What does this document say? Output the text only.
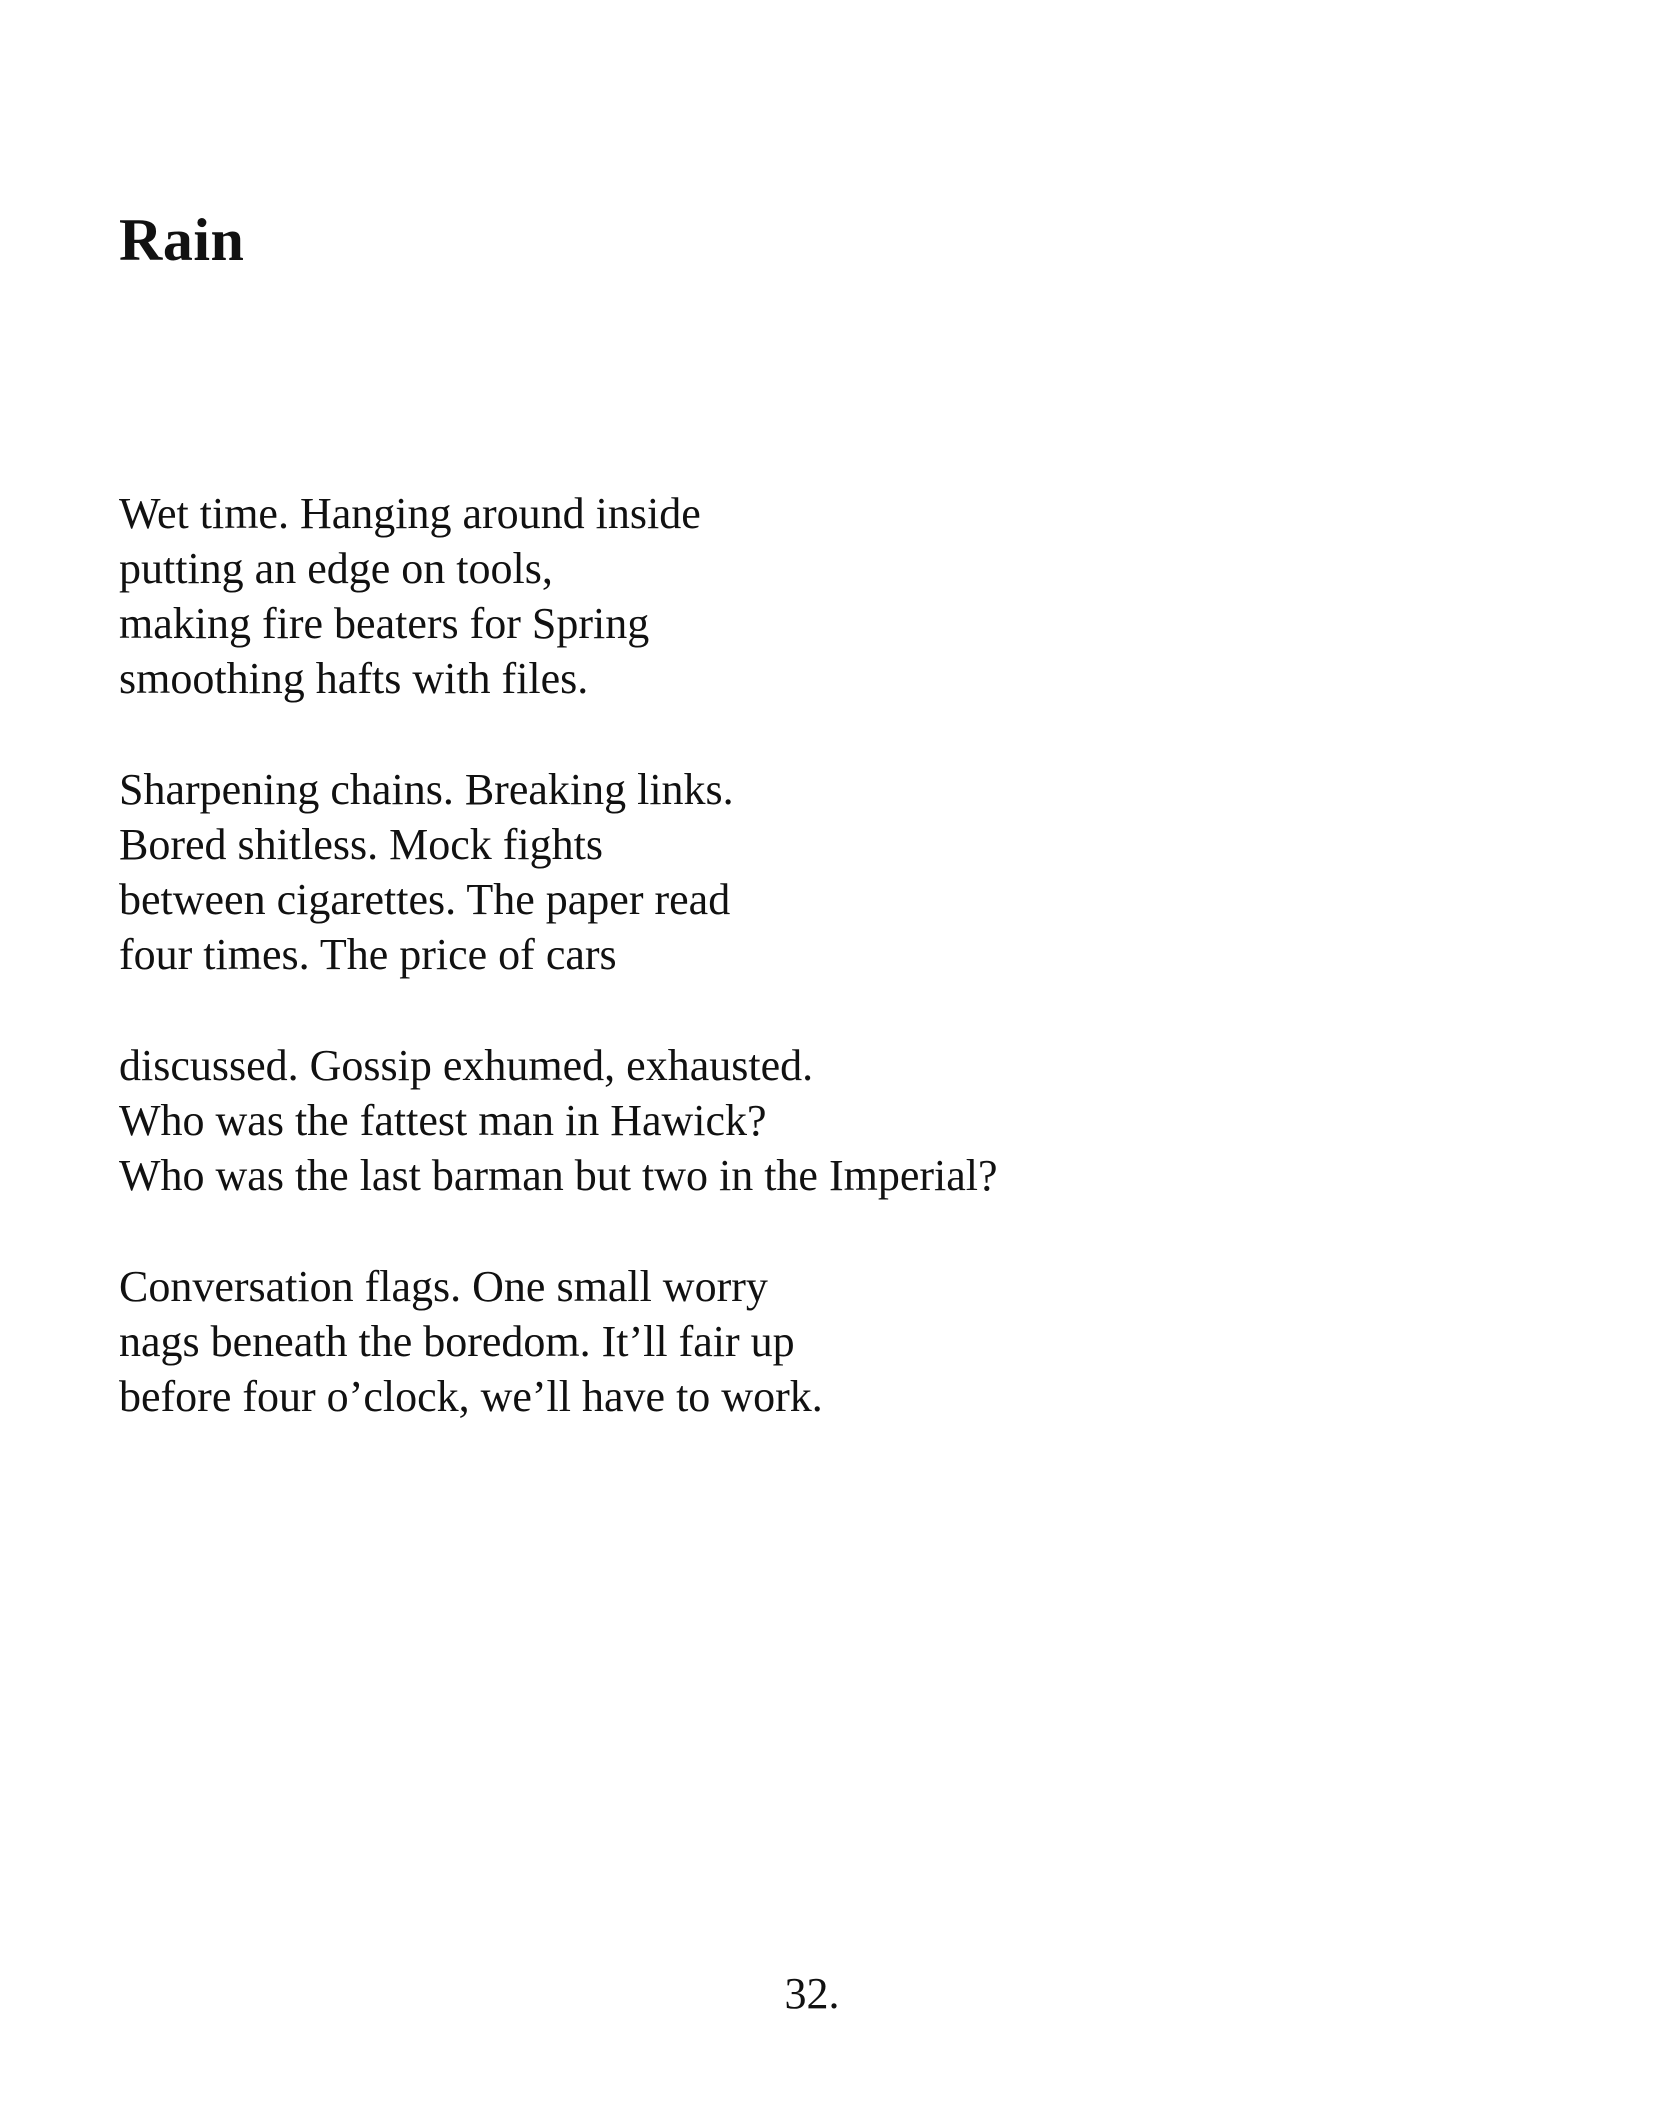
Rain
Wet time. Hanging around inside
putting an edge on tools,
making fire beaters for Spring
smoothing hafts with files.
Sharpening chains. Breaking links.
Bored shitless. Mock fights
between cigarettes. The paper read
four times. The price of cars
discussed. Gossip exhumed, exhausted.
Who was the fattest man in Hawick?
Who was the last barman but two in the Imperial?
Conversation flags. One small worry
nags beneath the boredom. It’ll fair up
before four o’clock, we’ll have to work.
32.
